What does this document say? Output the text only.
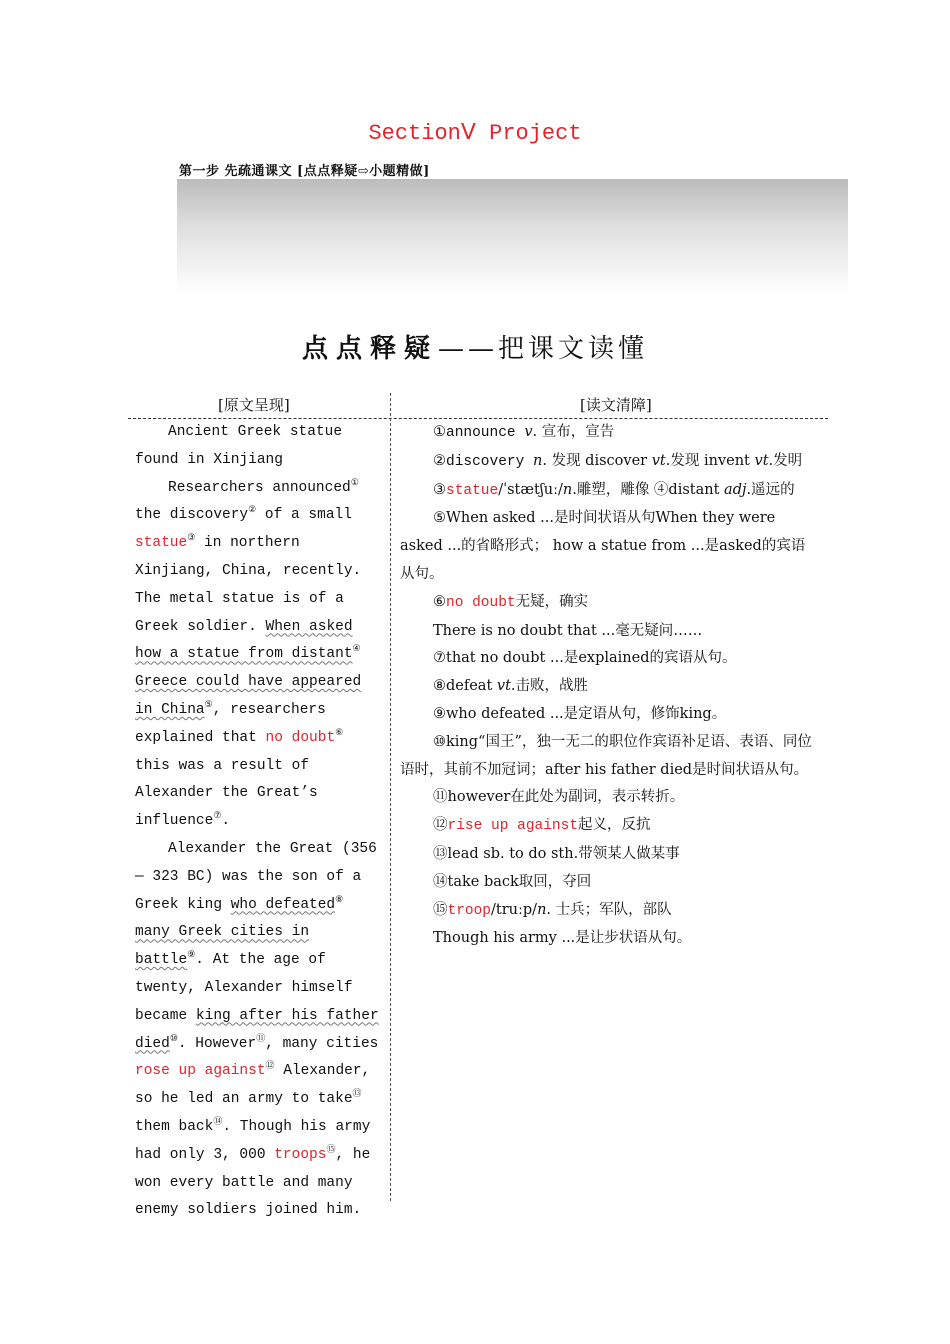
SectionⅤ Project
第一步 先疏通课文 [点点释疑⇨小题精做]
点点释疑——把课文读懂
[原文呈现]	[读文清障]

Ancient Greek statue found in Xinjiang

Researchers announced① the discovery② of a small statue③ in northern Xinjiang, China, recently. The metal statue is of a Greek soldier. When asked how a statue from distant④ Greece could have appeared in China⑤, researchers explained that no doubt⑥ this was a result of Alexander the Great’s influence⑦.

Alexander the Great (356 — 323 BC) was the son of a Greek king who defeated⑧ many Greek cities in battle⑨. At the age of twenty, Alexander himself became king after his father died⑩. However⑪, many cities rose up against⑫ Alexander, so he led an army to take⑬ them back⑭. Though his army had only 3, 000 troops⑮, he won every battle and many enemy soldiers joined him.

①announce v. 宣布，宣告

②discovery n. 发现 discover vt.发现 invent vt.发明

③statue/ˈstætʃuː/n.雕塑，雕像 ④distant adj.遥远的

⑤When asked ...是时间状语从句When they were asked ...的省略形式； how a statue from ...是asked的宾语从句。

⑥no doubt无疑，确实

There is no doubt that ...毫无疑问……

⑦that no doubt ...是explained的宾语从句。

⑧defeat vt.击败，战胜

⑨who defeated ...是定语从句，修饰king。

⑩king“国王”，独一无二的职位作宾语补足语、表语、同位语时，其前不加冠词；after his father died是时间状语从句。

⑪however在此处为副词，表示转折。

⑫rise up against起义，反抗

⑬lead sb. to do sth.带领某人做某事

⑭take back取回，夺回

⑮troop/truːp/n. 士兵；军队，部队

Though his army ...是让步状语从句。
